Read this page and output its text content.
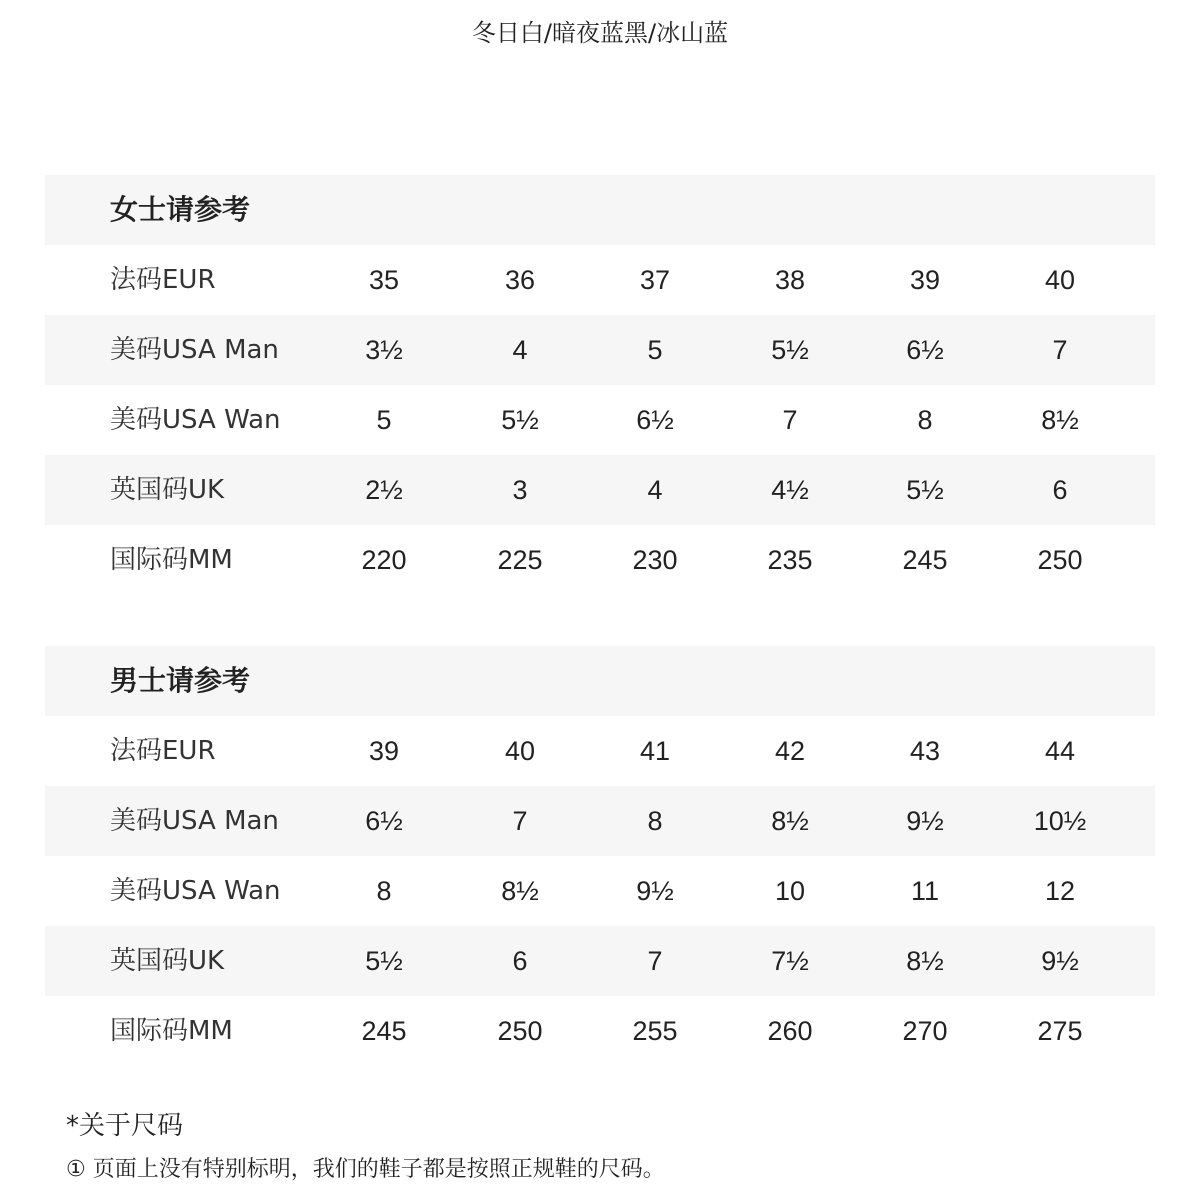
冬日白/暗夜蓝黑/冰山蓝
女士请参考
法码EUR	35	36	37	38	39	40
美码USA Man	3½	4	5	5½	6½	7
美码USA Wan	5	5½	6½	7	8	8½
英国码UK	2½	3	4	4½	5½	6
国际码MM	220	225	230	235	245	250
男士请参考
法码EUR	39	40	41	42	43	44
美码USA Man	6½	7	8	8½	9½	10½
美码USA Wan	8	8½	9½	10	11	12
英国码UK	5½	6	7	7½	8½	9½
国际码MM	245	250	255	260	270	275
*关于尺码
① 页面上没有特别标明，我们的鞋子都是按照正规鞋的尺码。
